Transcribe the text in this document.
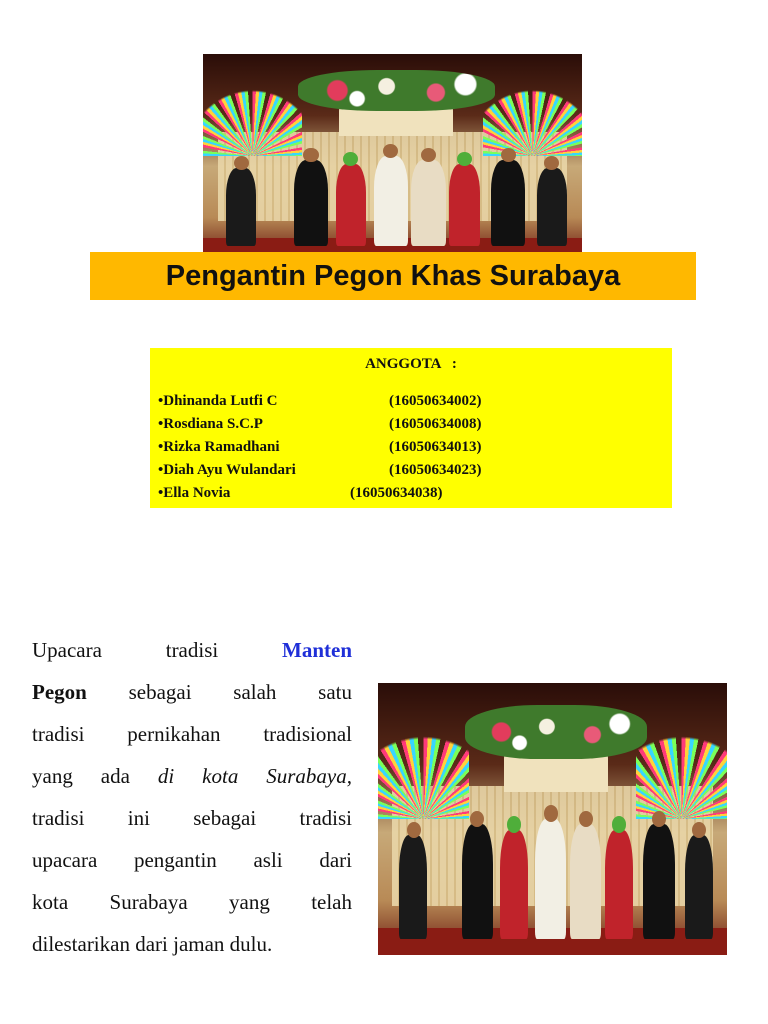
Pengantin Pegon Khas Surabaya
ANGGOTA   :
•Dhinanda Lutfi C	(16050634002)
•Rosdiana S.C.P	(16050634008)
•Rizka Ramadhani	(16050634013)
•Diah Ayu Wulandari	(16050634023)
•Ella Novia	(16050634038)
Upacara	tradisi	Manten
Pegon sebagai salah satu
tradisi pernikahan tradisional
yang ada di kota Surabaya,
tradisi ini sebagai tradisi
upacara pengantin asli dari
kota Surabaya yang telah
dilestarikan dari jaman dulu.
